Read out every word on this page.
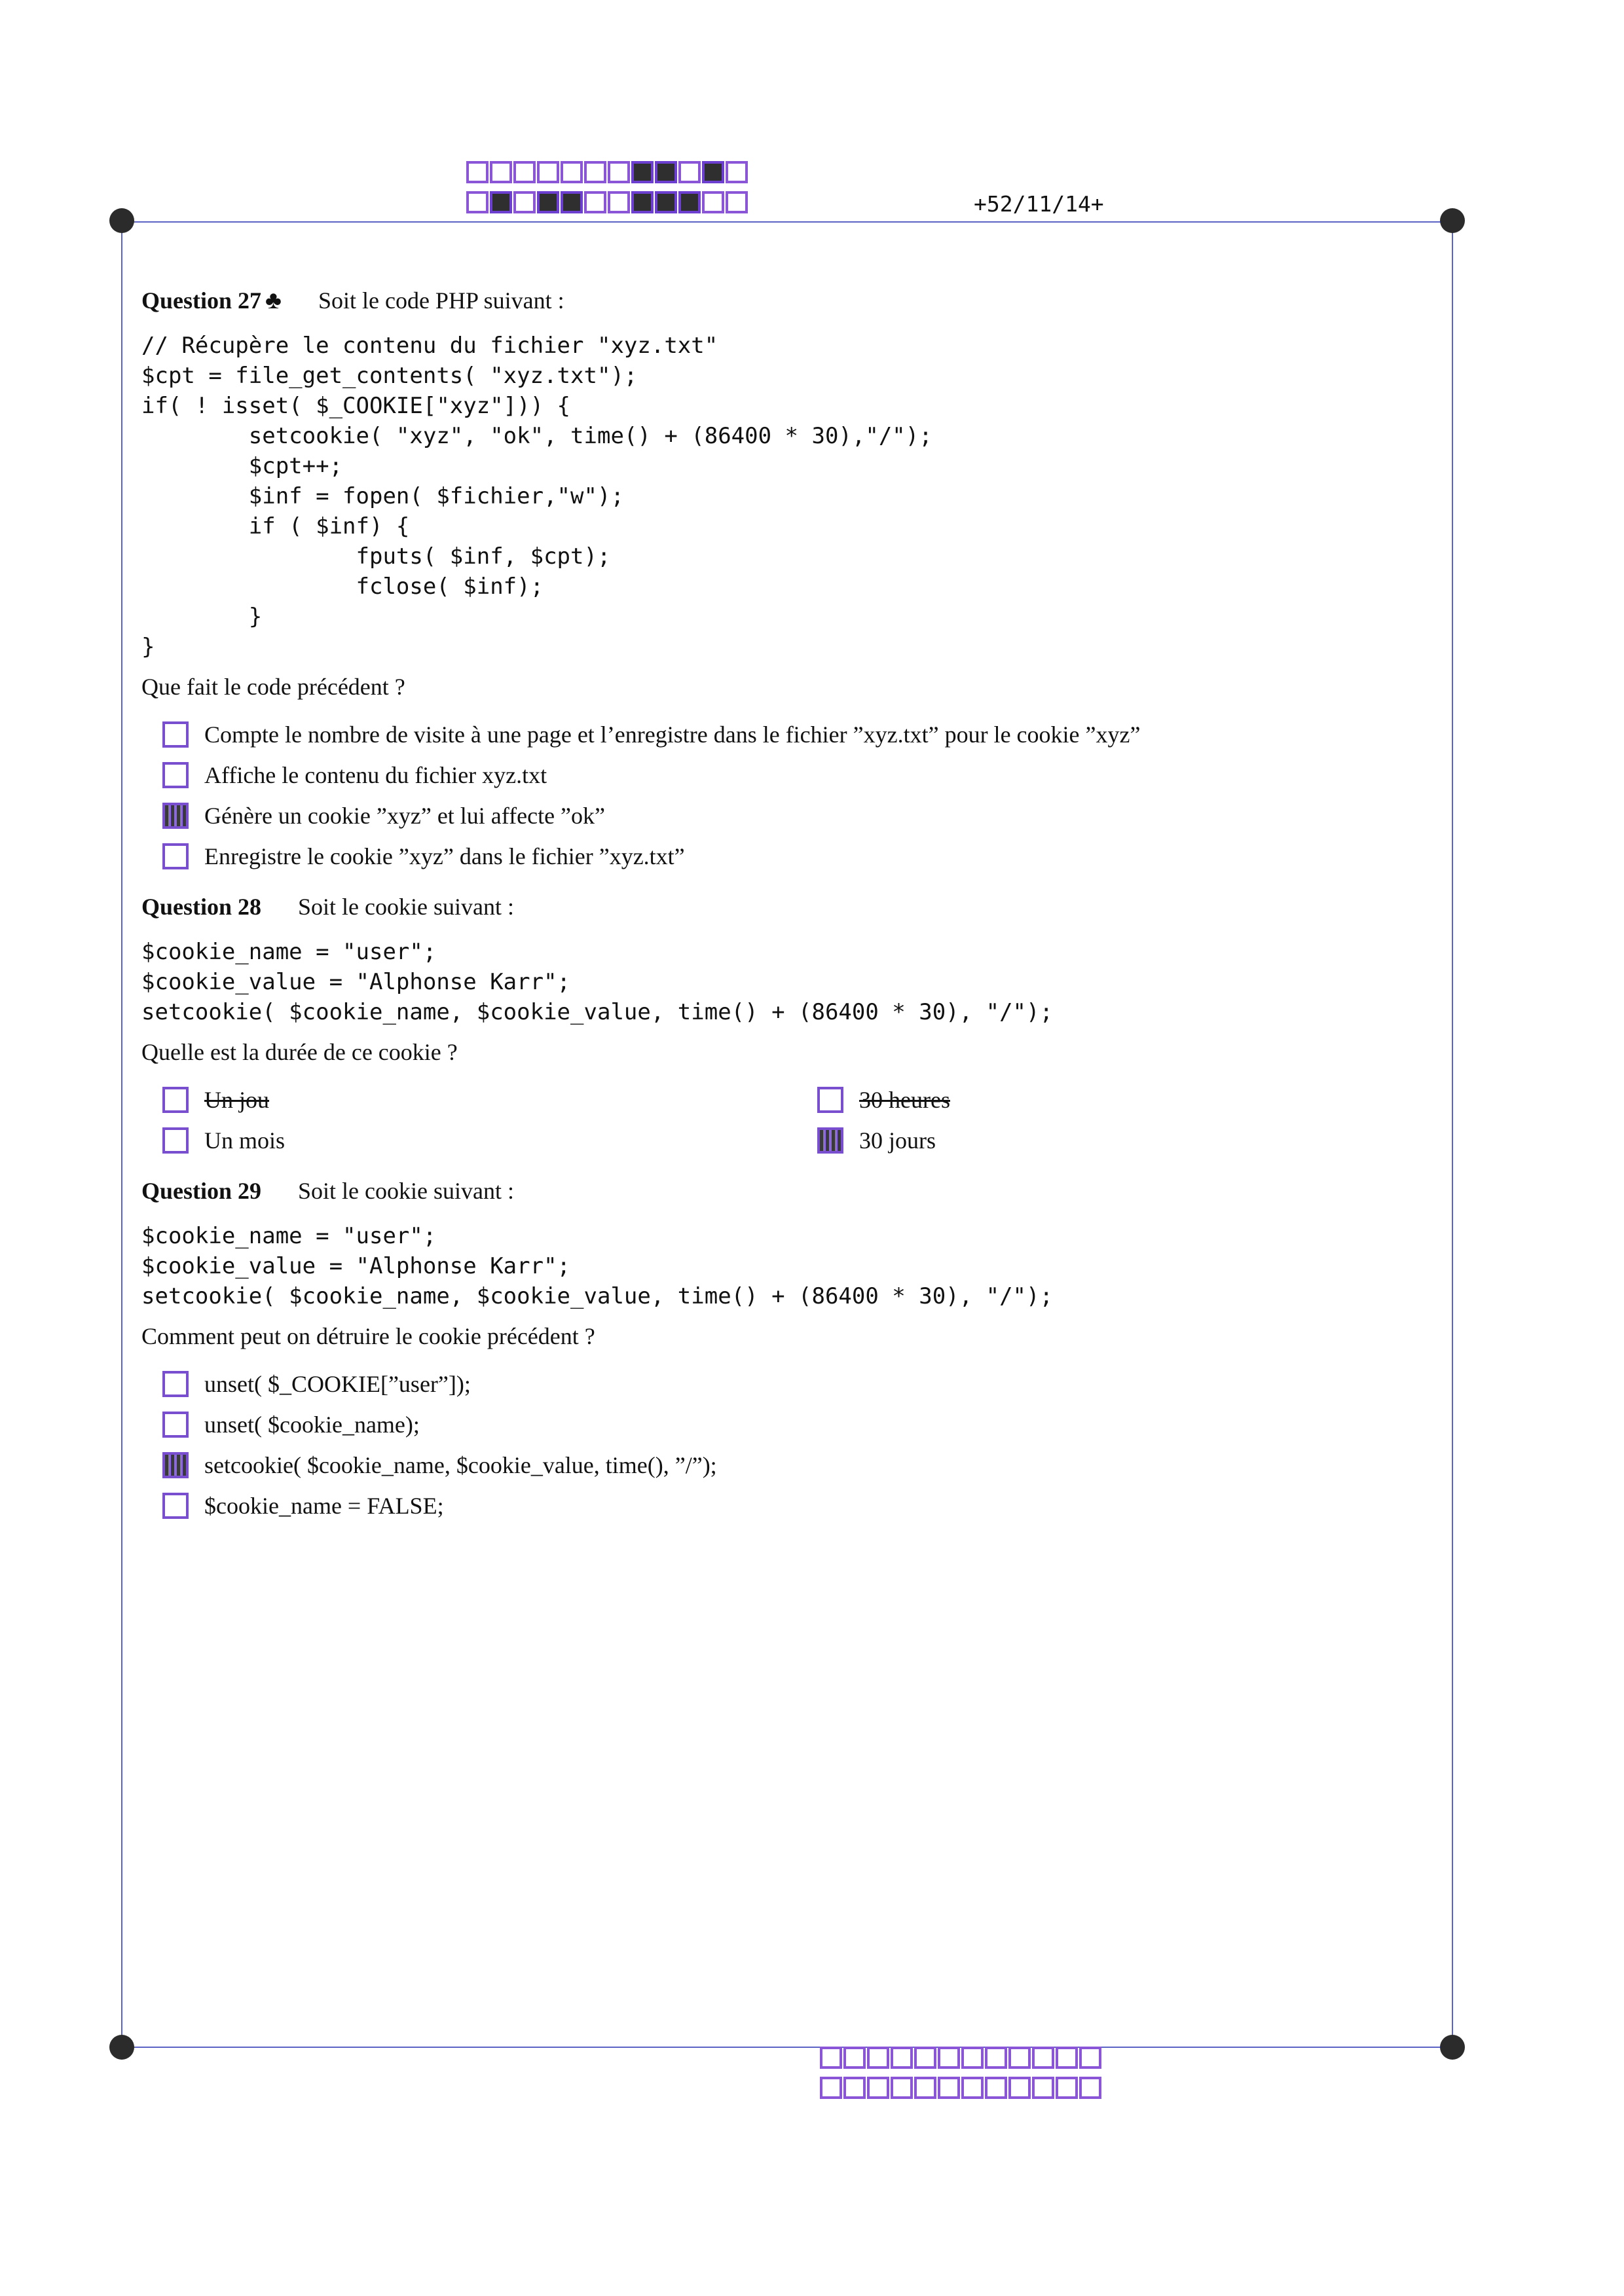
+52/11/14+
Question 27 ♣ Soit le code PHP suivant :
// Récupère le contenu du fichier "xyz.txt"
$cpt = file_get_contents( "xyz.txt");
if( ! isset( $_COOKIE["xyz"])) {
setcookie( "xyz", "ok", time() + (86400 * 30),"/");
$cpt++;
$inf = fopen( $fichier,"w");
if ( $inf) {
fputs( $inf, $cpt);
fclose( $inf);
}
}
Que fait le code précédent ?
Compte le nombre de visite à une page et l’enregistre dans le fichier ”xyz.txt” pour le cookie ”xyz”
Affiche le contenu du fichier xyz.txt
Génère un cookie ”xyz” et lui affecte ”ok”
Enregistre le cookie ”xyz” dans le fichier ”xyz.txt”
Question 28 Soit le cookie suivant :
$cookie_name = "user";
$cookie_value = "Alphonse Karr";
setcookie( $cookie_name, $cookie_value, time() + (86400 * 30), "/");
Quelle est la durée de ce cookie ?
Un jou	30 heures
Un mois	30 jours
Question 29 Soit le cookie suivant :
$cookie_name = "user";
$cookie_value = "Alphonse Karr";
setcookie( $cookie_name, $cookie_value, time() + (86400 * 30), "/");
Comment peut on détruire le cookie précédent ?
unset( $_COOKIE[”user”]);
unset( $cookie_name);
setcookie( $cookie_name, $cookie_value, time(), ”/”);
$cookie_name = FALSE;
